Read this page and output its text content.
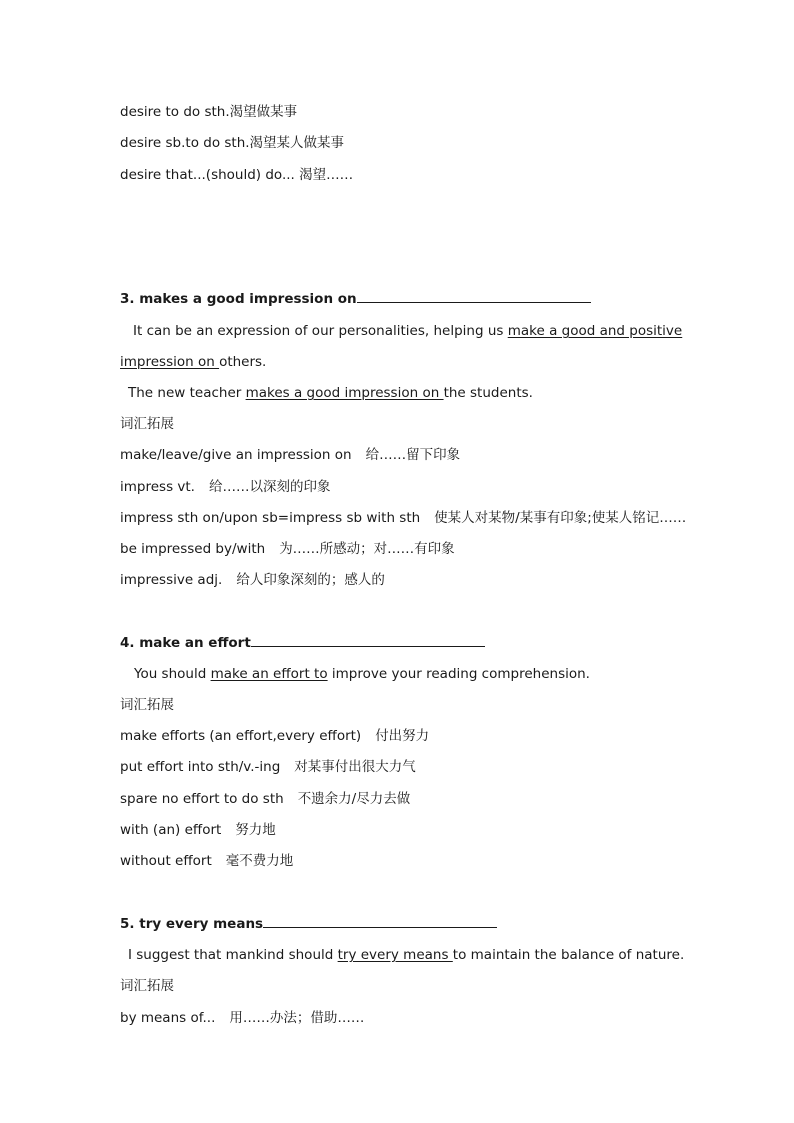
desire to do sth.渴望做某事
desire sb.to do sth.渴望某人做某事
desire that...(should) do... 渴望……
3. makes a good impression on
It can be an expression of our personalities, helping us make a good and positive
impression on others.
The new teacher makes a good impression on the students.
词汇拓展
make/leave/give an impression on 给……留下印象
impress vt. 给……以深刻的印象
impress sth on/upon sb=impress sb with sth 使某人对某物/某事有印象;使某人铭记……
be impressed by/with 为……所感动；对……有印象
impressive adj. 给人印象深刻的；感人的
4. make an effort
You should make an effort to improve your reading comprehension.
词汇拓展
make efforts (an effort,every effort) 付出努力
put effort into sth/v.-ing 对某事付出很大力气
spare no effort to do sth 不遗余力/尽力去做
with (an) effort 努力地
without effort 毫不费力地
5. try every means
I suggest that mankind should try every means to maintain the balance of nature.
词汇拓展
by means of... 用……办法；借助……
